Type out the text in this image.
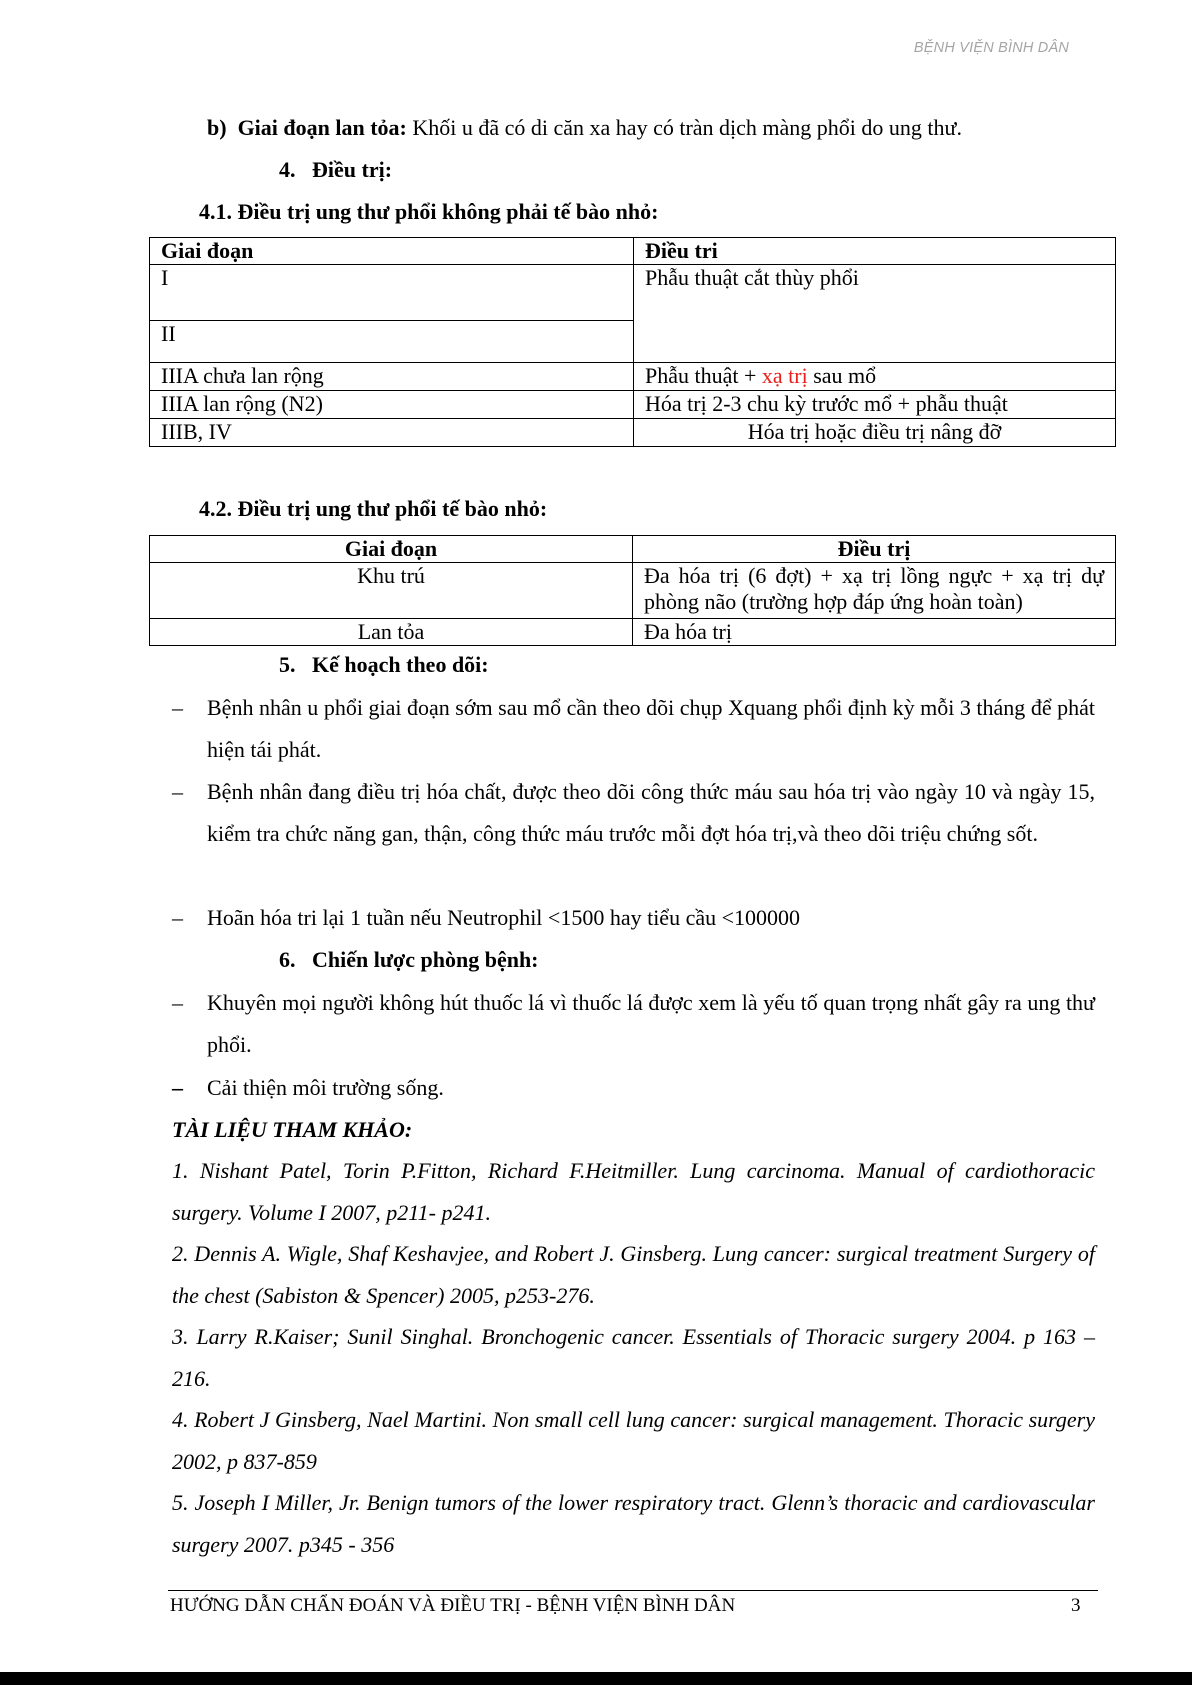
BỆNH VIỆN BÌNH DÂN
b) Giai đoạn lan tỏa: Khối u đã có di căn xa hay có tràn dịch màng phổi do ung thư.
4. Điều trị:
4.1. Điều trị ung thư phổi không phải tế bào nhỏ:
Giai đoạn	Điều tri
I	Phẫu thuật cắt thùy phổi
II	
IIIA chưa lan rộng	Phẫu thuật + xạ trị sau mổ
IIIA lan rộng (N2)	Hóa trị 2-3 chu kỳ trước mổ + phẫu thuật
IIIB, IV	Hóa trị hoặc điều trị nâng đỡ
4.2. Điều trị ung thư phổi tế bào nhỏ:
Giai đoạn	Điều trị
Khu trú	Đa hóa trị (6 đợt) + xạ trị lồng ngực + xạ trị dự phòng não (trường hợp đáp ứng hoàn toàn)
Lan tỏa	Đa hóa trị
5. Kế hoạch theo dõi:
– Bệnh nhân u phổi giai đoạn sớm sau mổ cần theo dõi chụp Xquang phổi định kỳ mỗi 3 tháng để phát hiện tái phát.
– Bệnh nhân đang điều trị hóa chất, được theo dõi công thức máu sau hóa trị vào ngày 10 và ngày 15, kiểm tra chức năng gan, thận, công thức máu trước mỗi đợt hóa trị,và theo dõi triệu chứng sốt.
– Hoãn hóa tri lại 1 tuần nếu Neutrophil <1500 hay tiểu cầu <100000
6. Chiến lược phòng bệnh:
– Khuyên mọi người không hút thuốc lá vì thuốc lá được xem là yếu tố quan trọng nhất gây ra ung thư phổi.
– Cải thiện môi trường sống.
TÀI LIỆU THAM KHẢO:
1. Nishant Patel, Torin P.Fitton, Richard F.Heitmiller. Lung carcinoma. Manual of cardiothoracic surgery. Volume I 2007, p211- p241.
2. Dennis A. Wigle, Shaf Keshavjee, and Robert J. Ginsberg. Lung cancer: surgical treatment Surgery of the chest (Sabiston & Spencer) 2005, p253-276.
3. Larry R.Kaiser; Sunil Singhal. Bronchogenic cancer. Essentials of Thoracic surgery 2004. p 163 – 216.
4. Robert J Ginsberg, Nael Martini. Non small cell lung cancer: surgical management. Thoracic surgery 2002, p 837-859
5. Joseph I Miller, Jr. Benign tumors of the lower respiratory tract. Glenn’s thoracic and cardiovascular surgery 2007. p345 - 356
HƯỚNG DẪN CHẨN ĐOÁN VÀ ĐIỀU TRỊ - BỆNH VIỆN BÌNH DÂN	3
